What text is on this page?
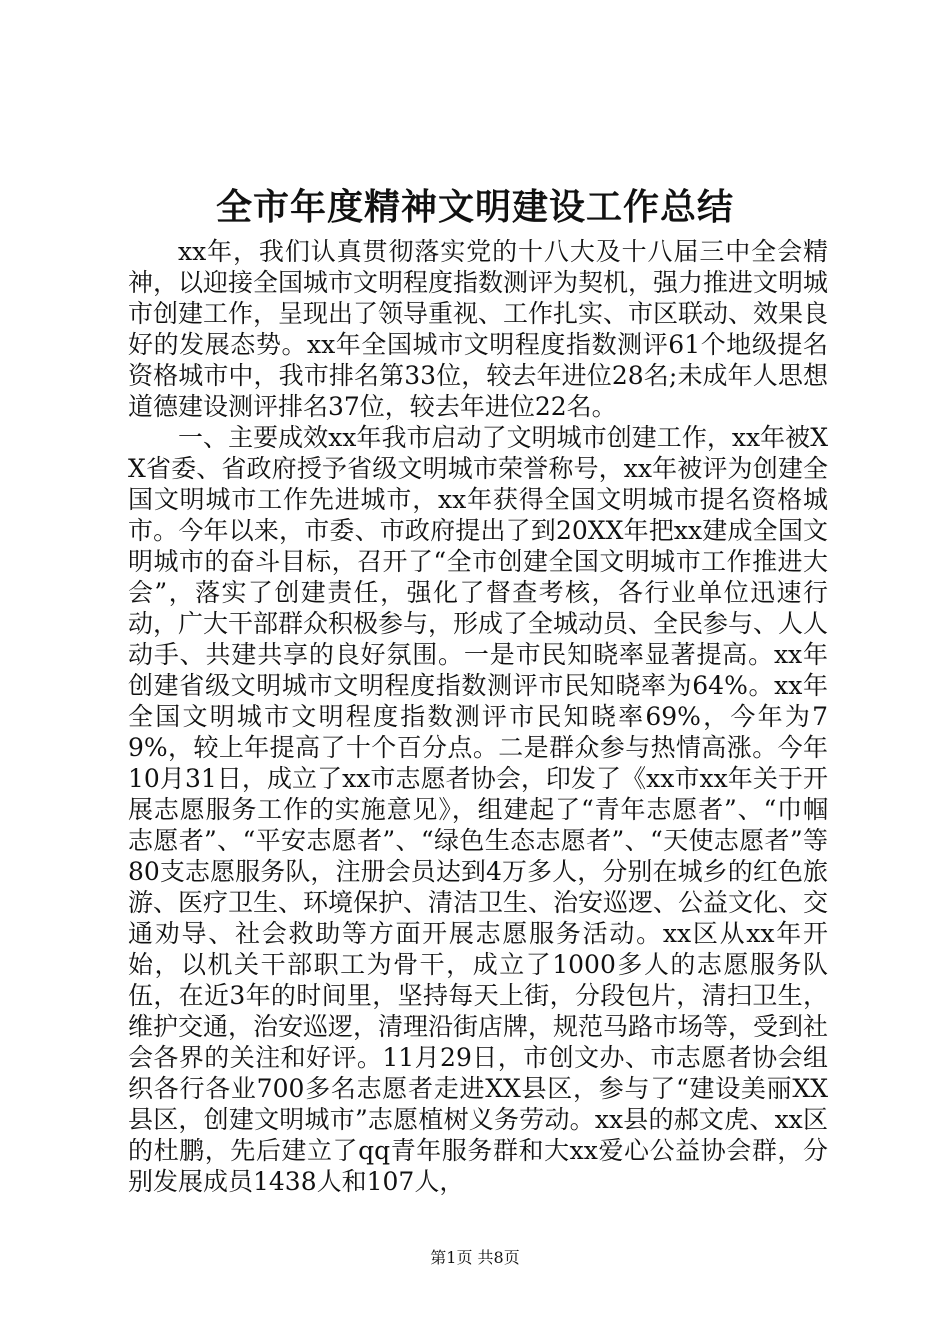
全市年度精神文明建设工作总结

xx年，我们认真贯彻落实党的十八大及十八届三中全会精神，以迎接全国城市文明程度指数测评为契机，强力推进文明城市创建工作，呈现出了领导重视、工作扎实、市区联动、效果良好的发展态势。xx年全国城市文明程度指数测评61个地级提名资格城市中，我市排名第33位，较去年进位28名;未成年人思想道德建设测评排名37位，较去年进位22名。

一、主要成效xx年我市启动了文明城市创建工作，xx年被XX省委、省政府授予省级文明城市荣誉称号，xx年被评为创建全国文明城市工作先进城市，xx年获得全国文明城市提名资格城市。今年以来，市委、市政府提出了到20XX年把xx建成全国文明城市的奋斗目标，召开了“全市创建全国文明城市工作推进大会”，落实了创建责任，强化了督查考核，各行业单位迅速行动，广大干部群众积极参与，形成了全城动员、全民参与、人人动手、共建共享的良好氛围。一是市民知晓率显著提高。xx年创建省级文明城市文明程度指数测评市民知晓率为64%。xx年全国文明城市文明程度指数测评市民知晓率69%，今年为79%，较上年提高了十个百分点。二是群众参与热情高涨。今年10月31日，成立了xx市志愿者协会，印发了《xx市xx年关于开展志愿服务工作的实施意见》，组建起了“青年志愿者”、“巾帼志愿者”、“平安志愿者”、“绿色生态志愿者”、“天使志愿者”等80支志愿服务队，注册会员达到4万多人，分别在城乡的红色旅游、医疗卫生、环境保护、清洁卫生、治安巡逻、公益文化、交通劝导、社会救助等方面开展志愿服务活动。xx区从xx年开始，以机关干部职工为骨干，成立了1000多人的志愿服务队伍，在近3年的时间里，坚持每天上街，分段包片，清扫卫生，维护交通，治安巡逻，清理沿街店牌，规范马路市场等，受到社会各界的关注和好评。11月29日，市创文办、市志愿者协会组织各行各业700多名志愿者走进XX县区，参与了“建设美丽XX县区，创建文明城市”志愿植树义务劳动。xx县的郝文虎、xx区的杜鹏，先后建立了qq青年服务群和大xx爱心公益协会群，分别发展成员1438人和107人，

第1页 共8页
